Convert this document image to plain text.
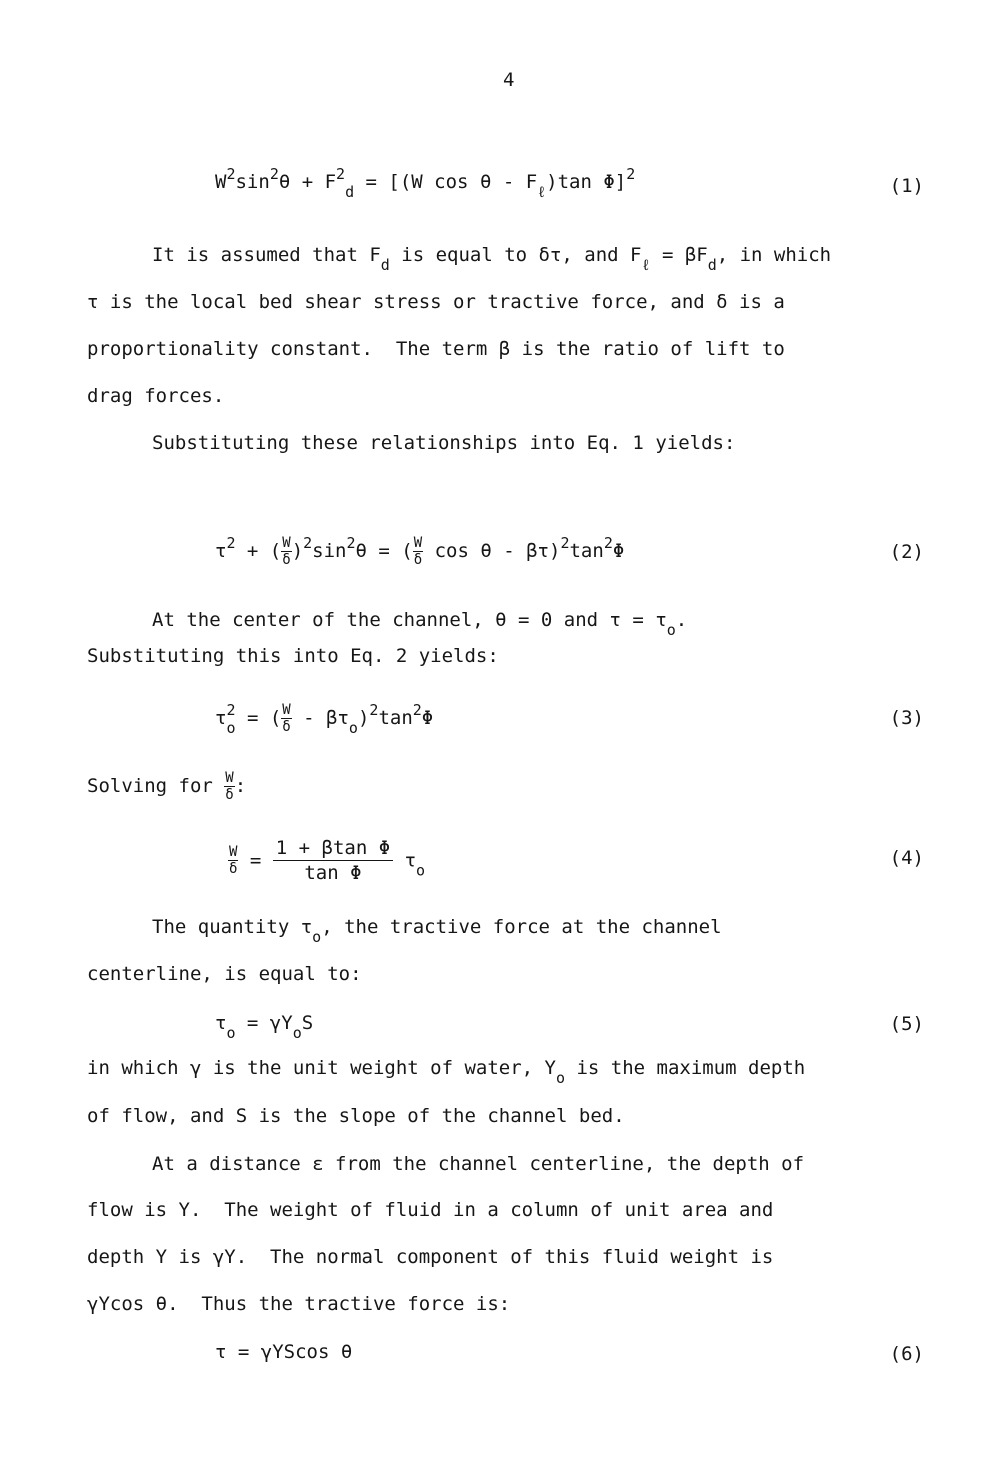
4
$W^2\sin^2\theta + F^2_d = [(W$ cos θ - $F_\ell)\tan$ Φ]$^2$
(1)
It is assumed that $F_d$ is equal to δτ, and $F_\ell = \beta F_d$, in which
τ is the local bed shear stress or tractive force, and δ is a
proportionality constant.  The term β is the ratio of lift to
drag forces.
Substituting these relationships into Eq. 1 yields:
$\tau^2$ + ( $\frac{W}{\delta} )^2\sin^2\theta$ = ( $\frac{W}{\delta}$ cos θ - $\beta\tau)^2\tan^2\Phi$	(2)
At the center of the channel, θ = 0 and $\tau = \tau_o$.
Substituting this into Eq. 2 yields:
$\tau_o^2$ = ( $\frac{W}{\delta} - \beta\tau_o)^2\tan^2\Phi$	(3)
Solving for $\frac{W}{\delta}$ :
$\frac{W}{\delta} = \frac{\text{1 + βtan Φ}}{\text{tan Φ}} \tau_o$
(4)
The quantity $\tau_o$, the tractive force at the channel
centerline, is equal to:
$\tau_o = \gamma Y_oS$	(5)
in which γ is the unit weight of water, $Y_o$ is the maximum depth
of flow, and S is the slope of the channel bed.
At a distance ε from the channel centerline, the depth of
flow is Y.  The weight of fluid in a column of unit area and
depth Y is γY.  The normal component of this fluid weight is
γYcos θ.  Thus the tractive force is:
τ = γYScos θ	(6)
